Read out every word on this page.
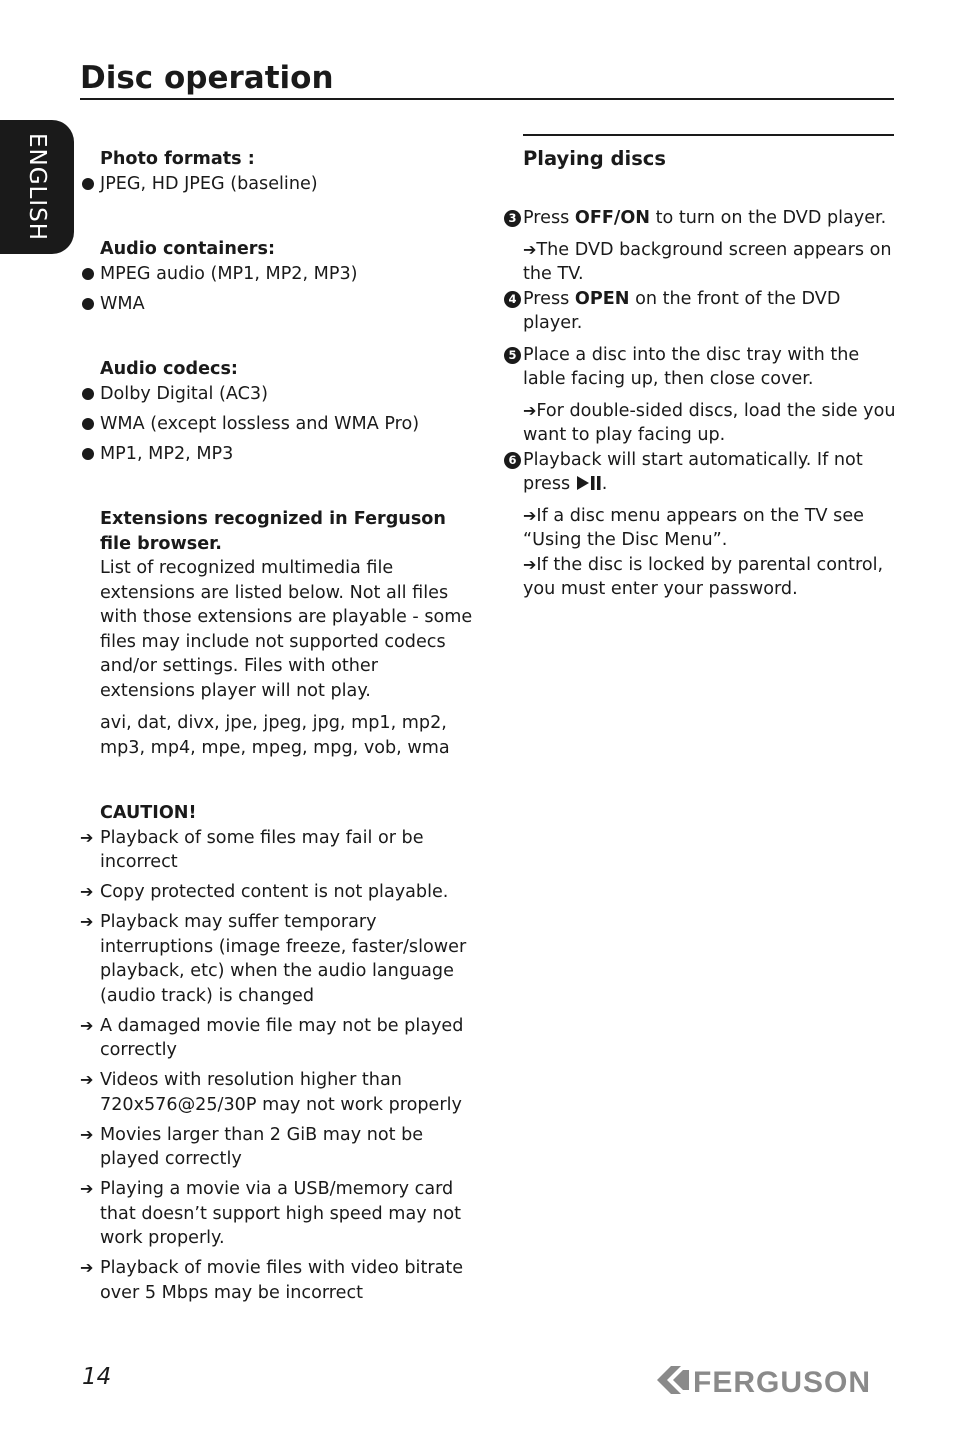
Disc operation
ENGLISH	Photo formats :
JPEG, HD JPEG (baseline)
Audio containers:
MPEG audio (MP1, MP2, MP3)
WMA
Audio codecs:
Dolby Digital (AC3)
WMA (except lossless and WMA Pro)
MP1, MP2, MP3
Extensions recognized in Ferguson file browser.
List of recognized multimedia file extensions are listed below. Not all files with those extensions are playable - some files may include not supported codecs and/or settings. Files with other extensions player will not play.
avi, dat, divx, jpe, jpeg, jpg, mp1, mp2, mp3, mp4, mpe, mpeg, mpg, vob, wma
CAUTION!
➔ Playback of some files may fail or be incorrect
➔ Copy protected content is not playable.
➔ Playback may suffer temporary interruptions (image freeze, faster/slower playback, etc) when the audio language (audio track) is changed
➔ A damaged movie file may not be played correctly
➔ Videos with resolution higher than 720x576@25/30P may not work properly
➔ Movies larger than 2 GiB may not be played correctly
➔ Playing a movie via a USB/memory card that doesn’t support high speed may not work properly.
➔ Playback of movie files with video bitrate over 5 Mbps may be incorrect
Playing discs
3 Press OFF/ON to turn on the DVD player.
➔The DVD background screen appears on the TV.
4 Press OPEN on the front of the DVD player.
5 Place a disc into the disc tray with the lable facing up, then close cover.
➔For double-sided discs, load the side you want to play facing up.
6 Playback will start automatically. If not press .
➔If a disc menu appears on the TV see “Using the Disc Menu”.
➔If the disc is locked by parental control, you must enter your password.
14	FERGUSON
